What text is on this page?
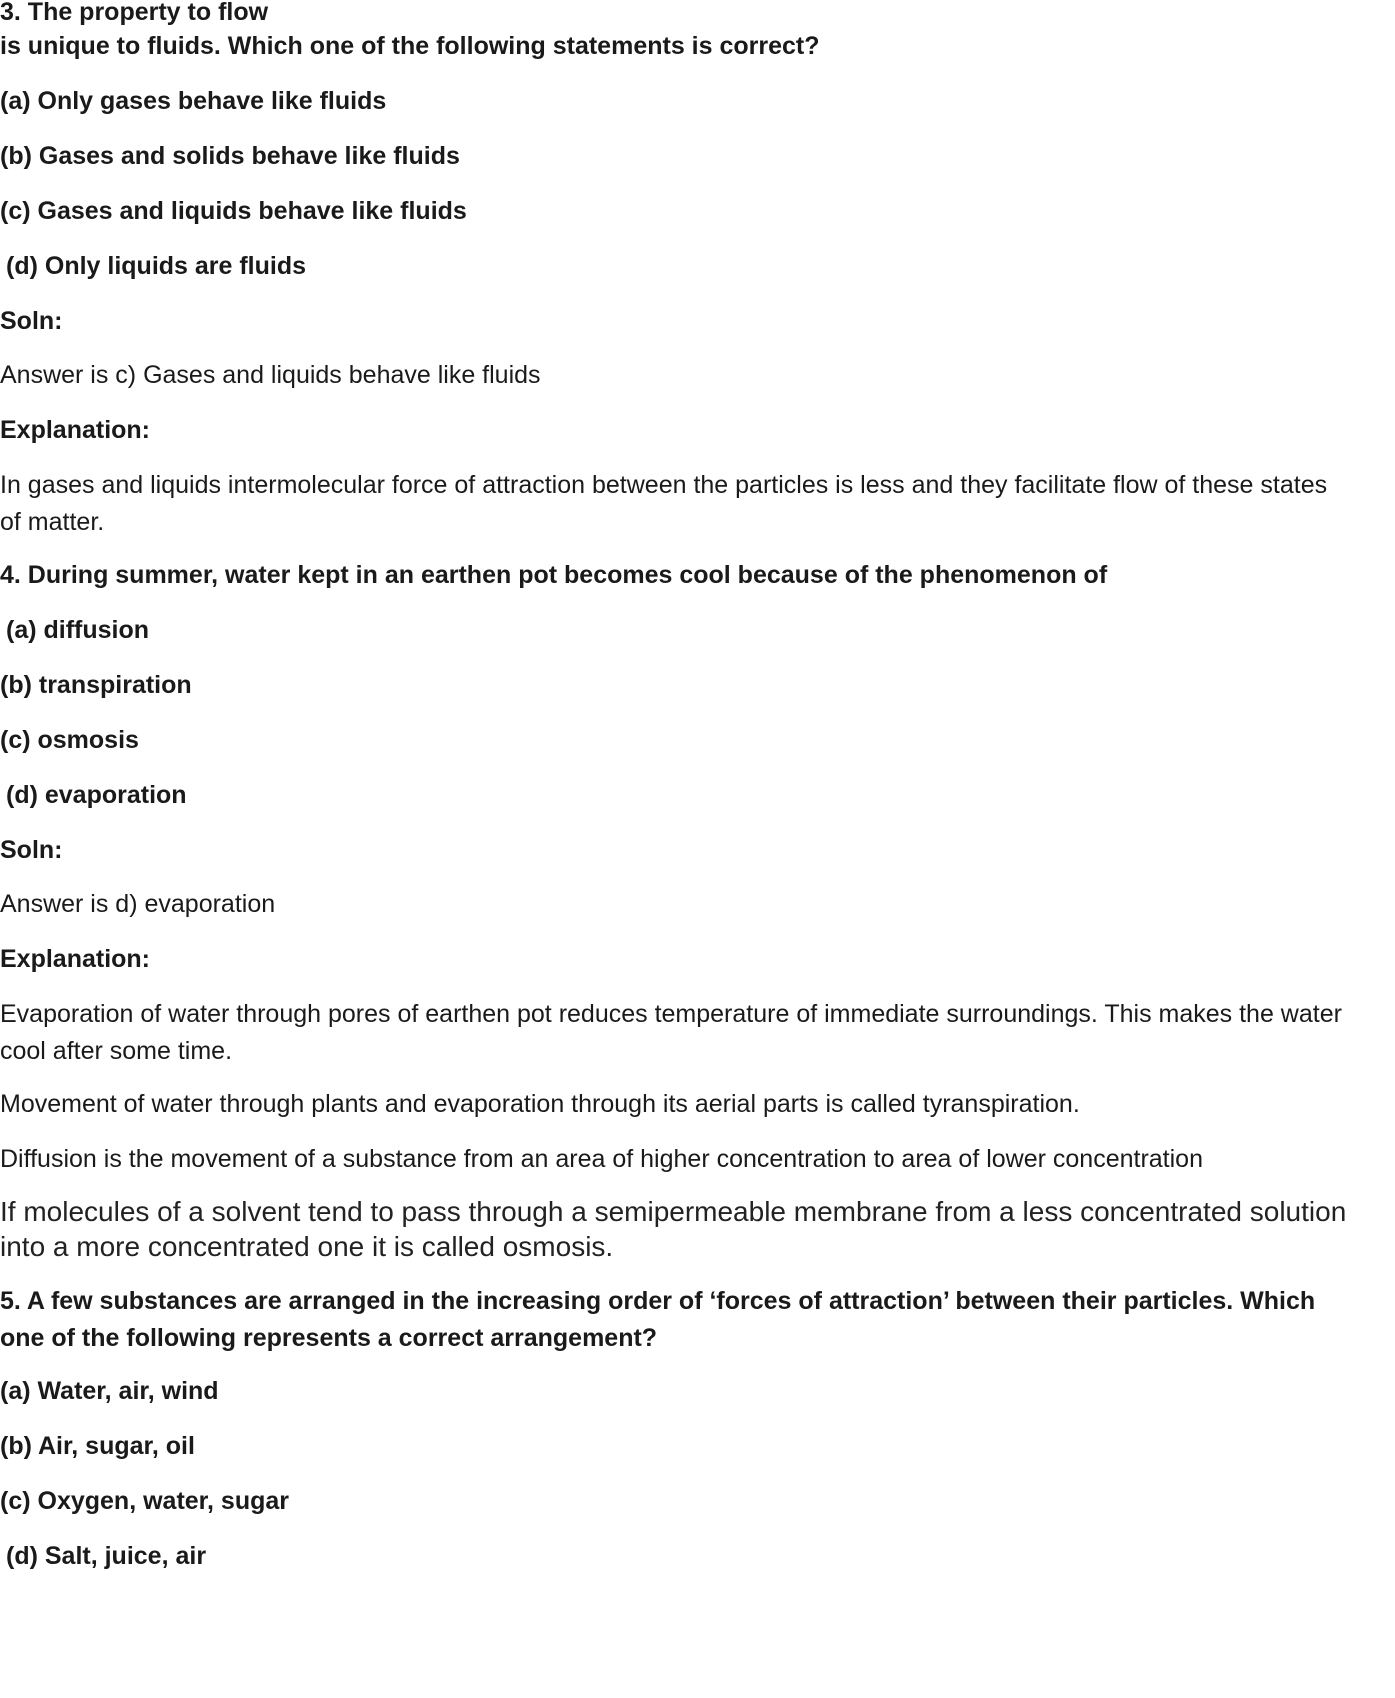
3. The property to flow
is unique to fluids. Which one of the following statements is correct?
(a) Only gases behave like fluids
(b) Gases and solids behave like fluids
(c) Gases and liquids behave like fluids
(d) Only liquids are fluids
Soln:
Answer is c) Gases and liquids behave like fluids
Explanation:
In gases and liquids intermolecular force of attraction between the particles is less and they facilitate flow of these states of matter.
4. During summer, water kept in an earthen pot becomes cool because of the phenomenon of
(a) diffusion
(b) transpiration
(c) osmosis
(d) evaporation
Soln:
Answer is d) evaporation
Explanation:
Evaporation of water through pores of earthen pot reduces temperature of immediate surroundings. This makes the water cool after some time.
Movement of water through plants and evaporation through its aerial parts is called tyranspiration.
Diffusion is the movement of a substance from an area of higher concentration to area of lower concentration
If molecules of a solvent tend to pass through a semipermeable membrane from a less concentrated solution into a more concentrated one it is called osmosis.
5. A few substances are arranged in the increasing order of ‘forces of attraction’ between their particles. Which one of the following represents a correct arrangement?
(a) Water, air, wind
(b) Air, sugar, oil
(c) Oxygen, water, sugar
(d) Salt, juice, air
